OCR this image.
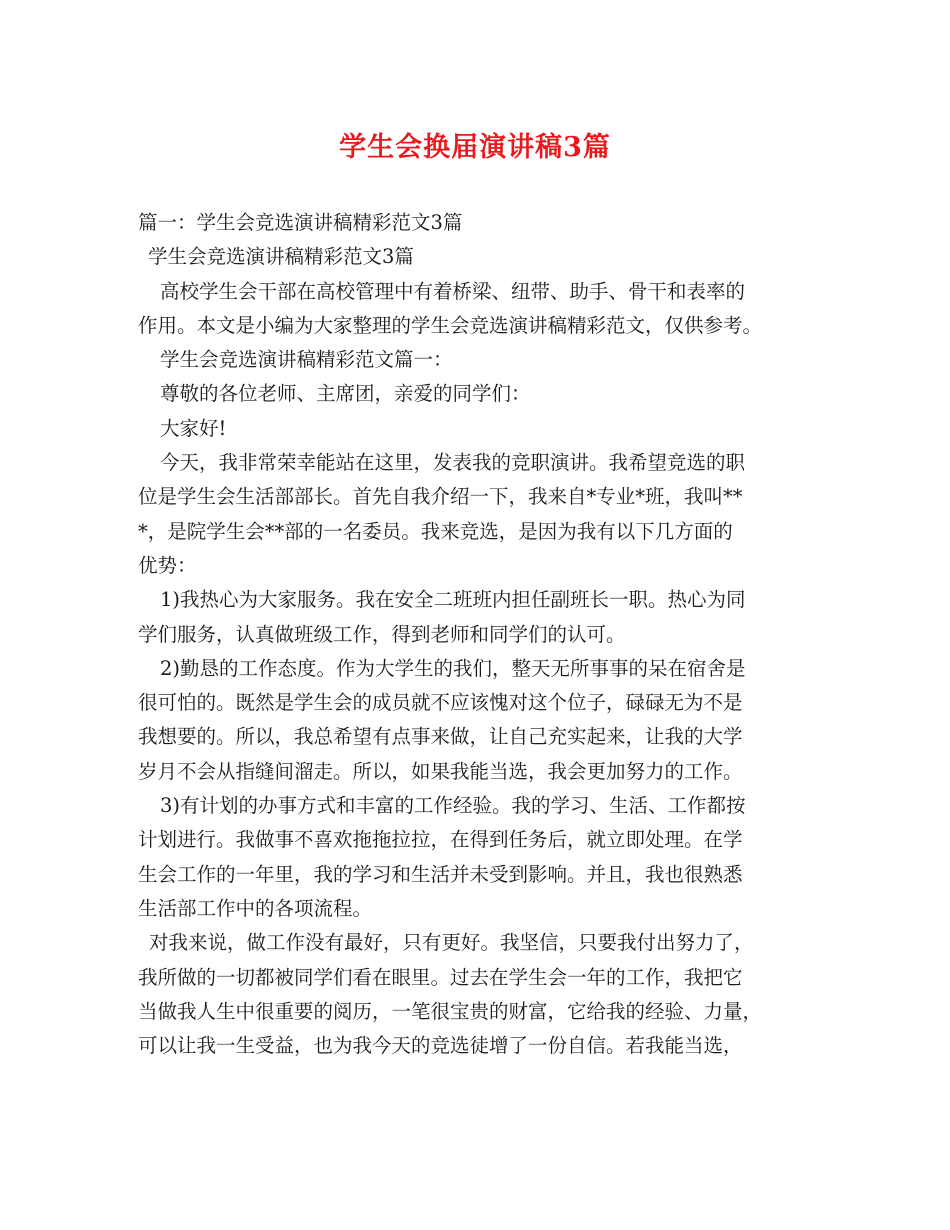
学生会换届演讲稿3篇
篇一：学生会竞选演讲稿精彩范文3篇
学生会竞选演讲稿精彩范文3篇
高校学生会干部在高校管理中有着桥梁、纽带、助手、骨干和表率的
作用。本文是小编为大家整理的学生会竞选演讲稿精彩范文，仅供参考。
学生会竞选演讲稿精彩范文篇一：
尊敬的各位老师、主席团，亲爱的同学们：
大家好!
今天，我非常荣幸能站在这里，发表我的竞职演讲。我希望竞选的职
位是学生会生活部部长。首先自我介绍一下，我来自*专业*班，我叫**
*，是院学生会**部的一名委员。我来竞选，是因为我有以下几方面的
优势：
1)我热心为大家服务。我在安全二班班内担任副班长一职。热心为同
学们服务，认真做班级工作，得到老师和同学们的认可。
2)勤恳的工作态度。作为大学生的我们，整天无所事事的呆在宿舍是
很可怕的。既然是学生会的成员就不应该愧对这个位子，碌碌无为不是
我想要的。所以，我总希望有点事来做，让自己充实起来，让我的大学
岁月不会从指缝间溜走。所以，如果我能当选，我会更加努力的工作。
3)有计划的办事方式和丰富的工作经验。我的学习、生活、工作都按
计划进行。我做事不喜欢拖拖拉拉，在得到任务后，就立即处理。在学
生会工作的一年里，我的学习和生活并未受到影响。并且，我也很熟悉
生活部工作中的各项流程。
对我来说，做工作没有最好，只有更好。我坚信，只要我付出努力了，
我所做的一切都被同学们看在眼里。过去在学生会一年的工作，我把它
当做我人生中很重要的阅历，一笔很宝贵的财富，它给我的经验、力量，
可以让我一生受益，也为我今天的竞选徒增了一份自信。若我能当选，
